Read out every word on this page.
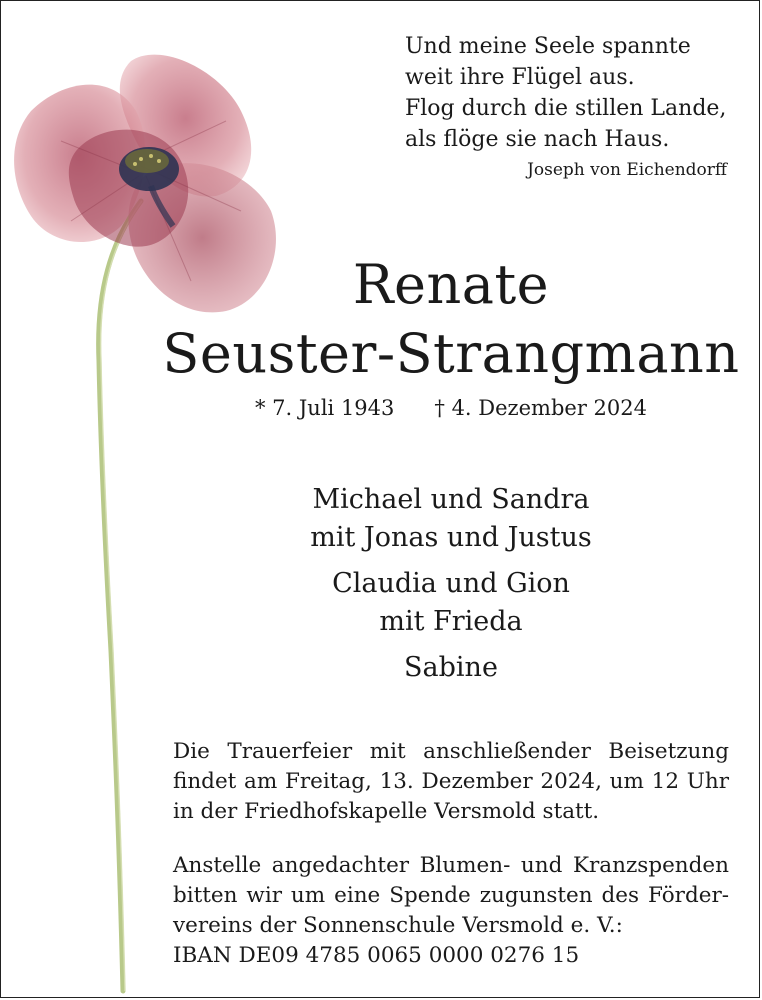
Und meine Seele spannte
weit ihre Flügel aus.
Flog durch die stillen Lande,
als flöge sie nach Haus.
Joseph von Eichendorff
Renate
Seuster-Strangmann
* 7. Juli 1943 † 4. Dezember 2024
Michael und Sandra
mit Jonas und Justus
Claudia und Gion
mit Frieda
Sabine
Die Trauerfeier mit anschließender Beisetzung
findet am Freitag, 13. Dezember 2024, um 12 Uhr
in der Friedhofskapelle Versmold statt.
Anstelle angedachter Blumen- und Kranzspenden
bitten wir um eine Spende zugunsten des Förder-
vereins der Sonnenschule Versmold e. V.:
IBAN DE09 4785 0065 0000 0276 15
